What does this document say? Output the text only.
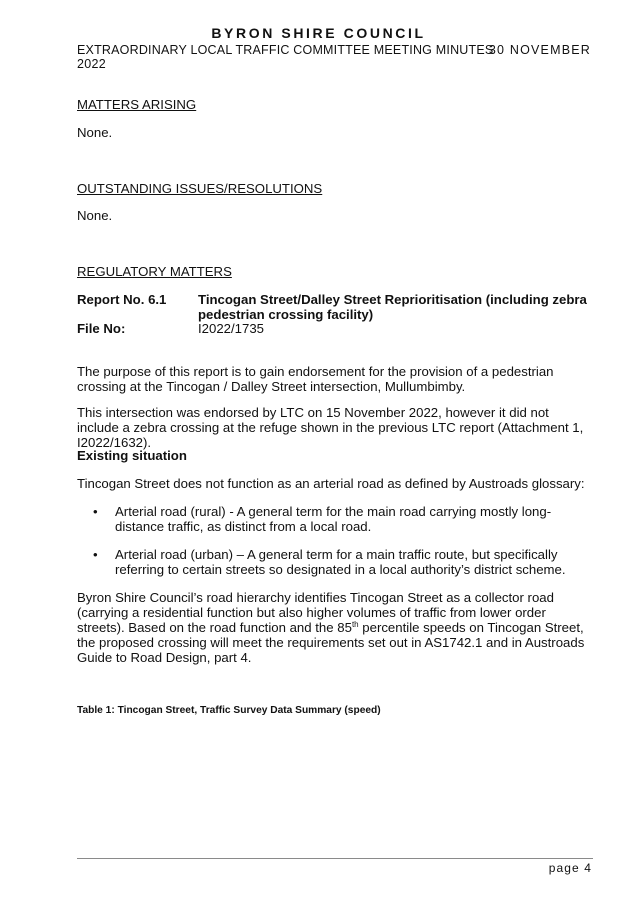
BYRON SHIRE COUNCIL
EXTRAORDINARY LOCAL TRAFFIC COMMITTEE MEETING MINUTES
30 NOVEMBER
2022
MATTERS ARISING
None.
OUTSTANDING ISSUES/RESOLUTIONS
None.
REGULATORY MATTERS
Report No. 6.1 Tincogan Street/Dalley Street Reprioritisation (including zebra pedestrian crossing facility)
File No:	I2022/1735
The purpose of this report is to gain endorsement for the provision of a pedestrian crossing at the Tincogan / Dalley Street intersection, Mullumbimby.
This intersection was endorsed by LTC on 15 November 2022, however it did not include a zebra crossing at the refuge shown in the previous LTC report (Attachment 1, I2022/1632).
Existing situation
Tincogan Street does not function as an arterial road as defined by Austroads glossary:
• Arterial road (rural) - A general term for the main road carrying mostly long-distance traffic, as distinct from a local road.
• Arterial road (urban) – A general term for a main traffic route, but specifically referring to certain streets so designated in a local authority’s district scheme.
Byron Shire Council’s road hierarchy identifies Tincogan Street as a collector road (carrying a residential function but also higher volumes of traffic from lower order streets). Based on the road function and the 85th percentile speeds on Tincogan Street, the proposed crossing will meet the requirements set out in AS1742.1 and in Austroads Guide to Road Design, part 4.
Table 1: Tincogan Street, Traffic Survey Data Summary (speed)
page 4
